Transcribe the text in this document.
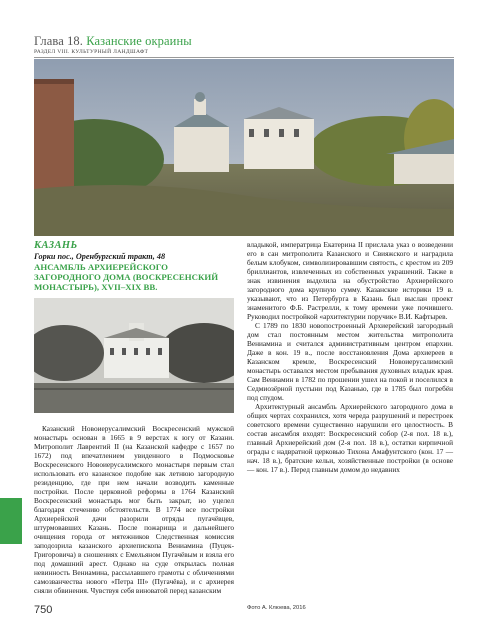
Глава 18. Казанские окраины
РАЗДЕЛ VIII. КУЛЬТУРНЫЙ ЛАНДШАФТ
КАЗАНЬ
Горки пос., Оренбургский тракт, 48
АНСАМБЛЬ АРХИЕРЕЙСКОГО ЗАГОРОДНОГО ДОМА (ВОСКРЕСЕНСКИЙ МОНАСТЫРЬ), XVII–XIX ВВ.

Казанский Новоиерусалимский Воскресенский мужской монастырь основан в 1665 в 9 верстах к югу от Казани. Митрополит Лаврентий II (на Казанской кафедре с 1657 по 1672) под впечатлением увиденного в Подмосковье Воскресенского Новоиерусалимского монастыря первым стал использовать его казанское подобие как летнюю загородную резиденцию, где при нем начали возводить каменные постройки. После церковной реформы в 1764 Казанский Воскресенский монастырь мог быть закрыт, но уцелел благодаря стечению обстоятельств. В 1774 все постройки Архиерейской дачи разорили отряды пугачёвцев, штурмовавших Казань. После пожарища и дальнейшего очищения города от мятежников Следственная комиссия заподозрила казанского архиепископа Вениамина (Пуцек-Григоровича) в сношениях с Емельяном Пугачёвым и взяла его под домашний арест. Однако на суде открылась полная невинность Вениамина, рассылавшего грамоты с обличениями самозванчества нового «Петра III» (Пугачёва), и с архиерея сняли обвинения. Чувствуя себя виноватой перед казанским

владыкой, императрица Екатерина II прислала указ о возведении его в сан митрополита Казанского и Свияжского и наградила белым клобуком, символизировавшим святость, с крестом из 209 бриллиантов, извлеченных из собственных украшений. Также в знак извинения выделила на обустройство Архиерейского загородного дома крупную сумму. Казанские историки 19 в. указывают, что из Петербурга в Казань был выслан проект знаменитого Ф.Б. Растрелли, к тому времени уже почившего. Руководил постройкой «архитектурии поручик» В.И. Кафтырев.

С 1789 по 1830 новопостроенный Архиерейский загородный дом стал постоянным местом жительства митрополита Вениамина и считался административным центром епархии. Даже в кон. 19 в., после восстановления Дома архиереев в Казанском кремле, Воскресенский Новоиерусалимский монастырь оставался местом пребывания духовных владык края. Сам Вениамин в 1782 по прошении ушел на покой и поселился в Седмиозёрной пустыни под Казанью, где в 1785 был погребён под спудом.

Архитектурный ансамбль Архиерейского загородного дома в общих чертах сохранился, хотя череда разрушений и перестроек советского времени существенно нарушили его целостность. В состав ансамбля входят: Воскресенский собор (2-я пол. 18 в.), главный Архиерейский дом (2-я пол. 18 в.), остатки кирпичной ограды с надвратной церковью Тихона Амафунтского (кон. 17 — нач. 18 в.), братские кельи, хозяйственные постройки (в основе — кон. 17 в.). Перед главным домом до недавних

750	Фото А. Клюева, 2016
